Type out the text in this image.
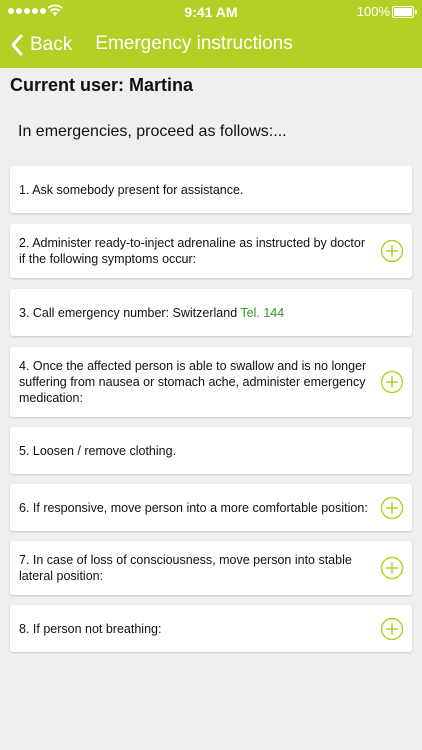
9:41 AM	100%
Back	Emergency instructions
Current user: Martina
In emergencies, proceed as follows:...
1. Ask somebody present for assistance.
2. Administer ready-to-inject adrenaline as instructed by doctor if the following symptoms occur:
3. Call emergency number: Switzerland Tel. 144
4. Once the affected person is able to swallow and is no longer suffering from nausea or stomach ache, administer emergency medication:
5. Loosen / remove clothing.
6. If responsive, move person into a more comfortable position:
7. In case of loss of consciousness, move person into stable lateral position:
8. If person not breathing:
